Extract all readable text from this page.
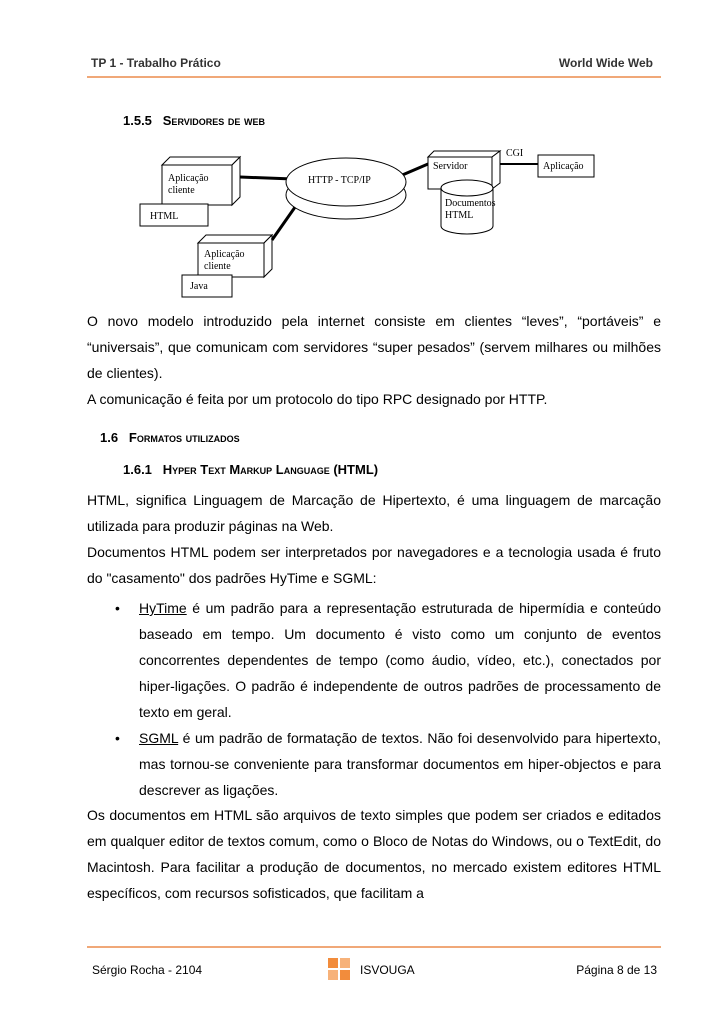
TP 1 - Trabalho Prático	World Wide Web
1.5.5 Servidores de web
Aplicação
cliente
HTML
Aplicação
cliente
Java
HTTP - TCP/IP
Servidor
CGI
Aplicação
Documentos
HTML

O novo modelo introduzido pela internet consiste em clientes “leves”, “portáveis” e “universais”, que comunicam com servidores “super pesados” (servem milhares ou milhões de clientes).

A comunicação é feita por um protocolo do tipo RPC designado por HTTP.

1.6 Formatos utilizados
1.6.1 Hyper Text Markup Language (HTML)

HTML, significa Linguagem de Marcação de Hipertexto, é uma linguagem de marcação utilizada para produzir páginas na Web.

Documentos HTML podem ser interpretados por navegadores e a tecnologia usada é fruto do "casamento" dos padrões HyTime e SGML:

• HyTime é um padrão para a representação estruturada de hipermídia e conteúdo baseado em tempo. Um documento é visto como um conjunto de eventos concorrentes dependentes de tempo (como áudio, vídeo, etc.), conectados por hiper-ligações. O padrão é independente de outros padrões de processamento de texto em geral.
• SGML é um padrão de formatação de textos. Não foi desenvolvido para hipertexto, mas tornou-se conveniente para transformar documentos em hiper-objectos e para descrever as ligações.

Os documentos em HTML são arquivos de texto simples que podem ser criados e editados em qualquer editor de textos comum, como o Bloco de Notas do Windows, ou o TextEdit, do Macintosh. Para facilitar a produção de documentos, no mercado existem editores HTML específicos, com recursos sofisticados, que facilitam a

Sérgio Rocha - 2104	ISVOUGA	Página 8 de 13
